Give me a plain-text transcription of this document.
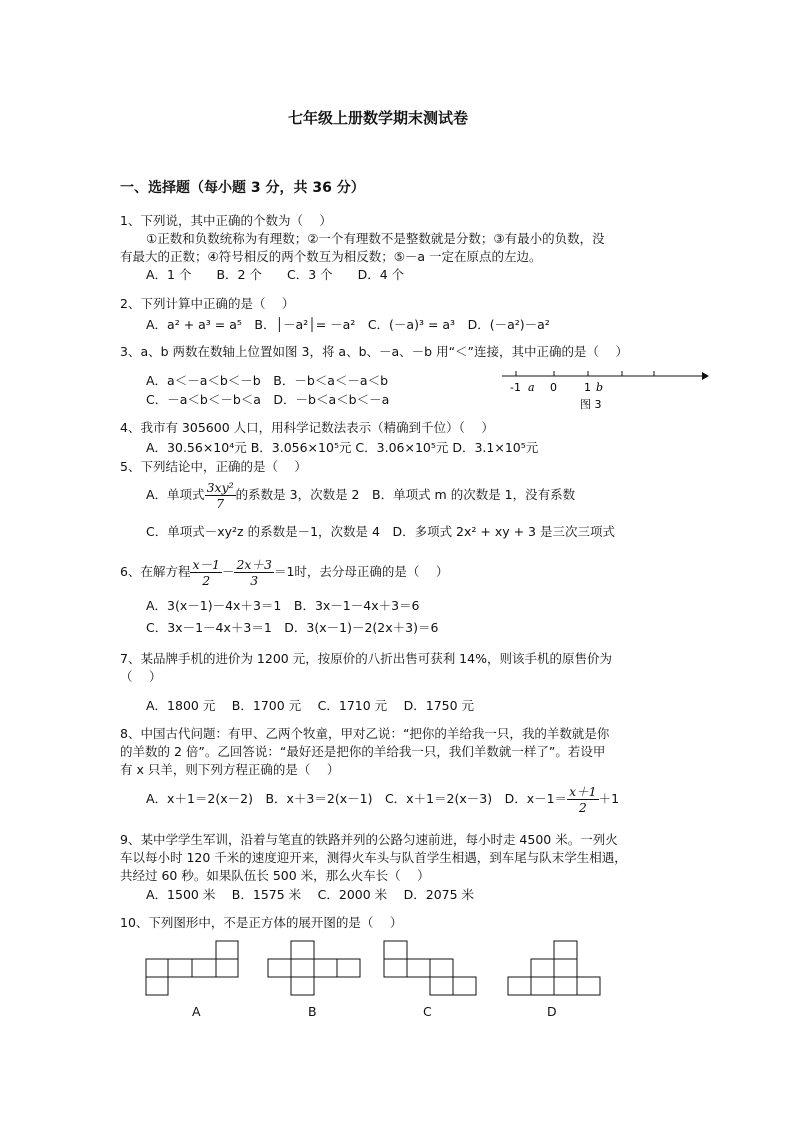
七年级上册数学期末测试卷
一、选择题（每小题 3 分，共 36 分）
1、下列说，其中正确的个数为（　 ）
①正数和负数统称为有理数；②一个有理数不是整数就是分数；③有最小的负数，没
有最大的正数；④符号相反的两个数互为相反数；⑤－a 一定在原点的左边。
A．1 个　　B．2 个　　C．3 个　　D．4 个
2、下列计算中正确的是（　 ）
A．a² + a³ = a⁵　B．│－a²│= －a²　C．(－a)³ = a³　D．(－a²)－a²
3、a、b 两数在数轴上位置如图 3，将 a、b、－a、－b 用“＜”连接，其中正确的是（　 ）
A．a＜－a＜b＜－b　B．－b＜a＜－a＜b
C．－a＜b＜－b＜a　D．－b＜a＜b＜－a
-1 a 0 1 b
图 3
4、我市有 305600 人口，用科学记数法表示（精确到千位）（　 ）
A．30.56×10⁴元 B．3.056×10⁵元 C．3.06×10⁵元 D．3.1×10⁵元
5、下列结论中，正确的是（　 ）
A．单项式 $\frac{\text{3xy²}}{7}$ 的系数是 3，次数是 2　B．单项式 m 的次数是 1，没有系数
C．单项式－xy²z 的系数是－1，次数是 4　D．多项式 2x² + xy + 3 是三次三项式
6、在解方程 $\frac{x-1}{2} - \frac{2x+3}{3} =1$时，去分母正确的是（　 ）
A．3(x－1)－4x＋3＝1　B．3x－1－4x＋3＝6
C．3x－1－4x＋3＝1　D．3(x－1)－2(2x＋3)＝6
7、某品牌手机的进价为 1200 元，按原价的八折出售可获利 14%，则该手机的原售价为
（　 ）
A．1800 元　 B．1700 元　 C．1710 元　 D．1750 元
8、中国古代问题：有甲、乙两个牧童，甲对乙说：“把你的羊给我一只，我的羊数就是你
的羊数的 2 倍”。乙回答说：“最好还是把你的羊给我一只，我们羊数就一样了”。若设甲
有 x 只羊，则下列方程正确的是（　 ）
A．x＋1＝2(x－2)　B．x＋3＝2(x－1)　C．x＋1＝2(x－3)　D．$x-1= \frac{x+1}{2} +1$
9、某中学学生军训，沿着与笔直的铁路并列的公路匀速前进，每小时走 4500 米。一列火
车以每小时 120 千米的速度迎开来，测得火车头与队首学生相遇，到车尾与队末学生相遇，
共经过 60 秒。如果队伍长 500 米，那么火车长（　 ）
A．1500 米　 B．1575 米　 C．2000 米　 D．2075 米
10、下列图形中，不是正方体的展开图的是（　 ）
A	B	C	D
